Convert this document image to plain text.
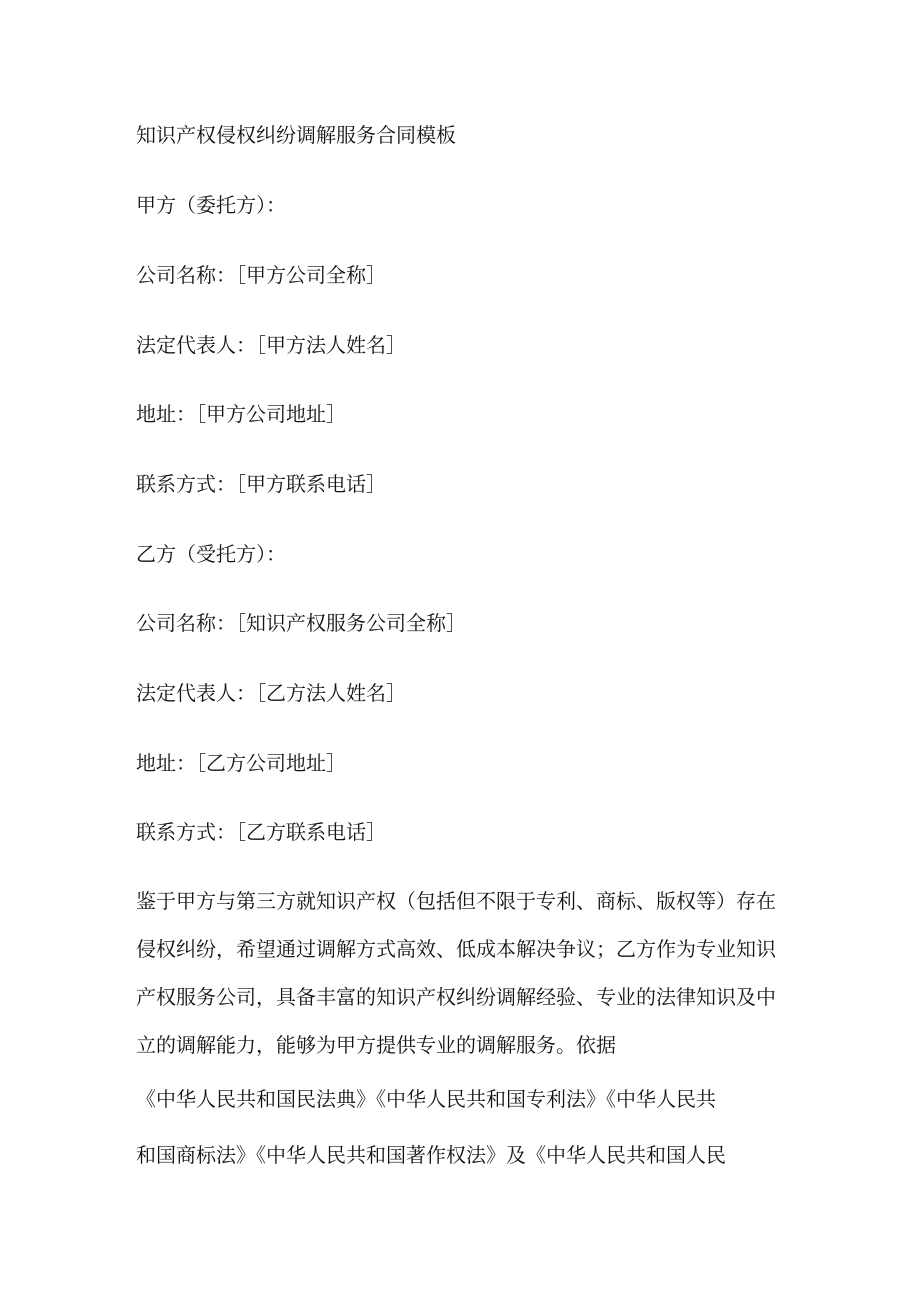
知识产权侵权纠纷调解服务合同模板
甲方（委托方）：
公司名称：［甲方公司全称］
法定代表人：［甲方法人姓名］
地址：［甲方公司地址］
联系方式：［甲方联系电话］
乙方（受托方）：
公司名称：［知识产权服务公司全称］
法定代表人：［乙方法人姓名］
地址：［乙方公司地址］
联系方式：［乙方联系电话］
鉴于甲方与第三方就知识产权（包括但不限于专利、商标、版权等）存在
侵权纠纷，希望通过调解方式高效、低成本解决争议；乙方作为专业知识
产权服务公司，具备丰富的知识产权纠纷调解经验、专业的法律知识及中
立的调解能力，能够为甲方提供专业的调解服务。依据
《中华人民共和国民法典》《中华人民共和国专利法》《中华人民共
和国商标法》《中华人民共和国著作权法》及《中华人民共和国人民
